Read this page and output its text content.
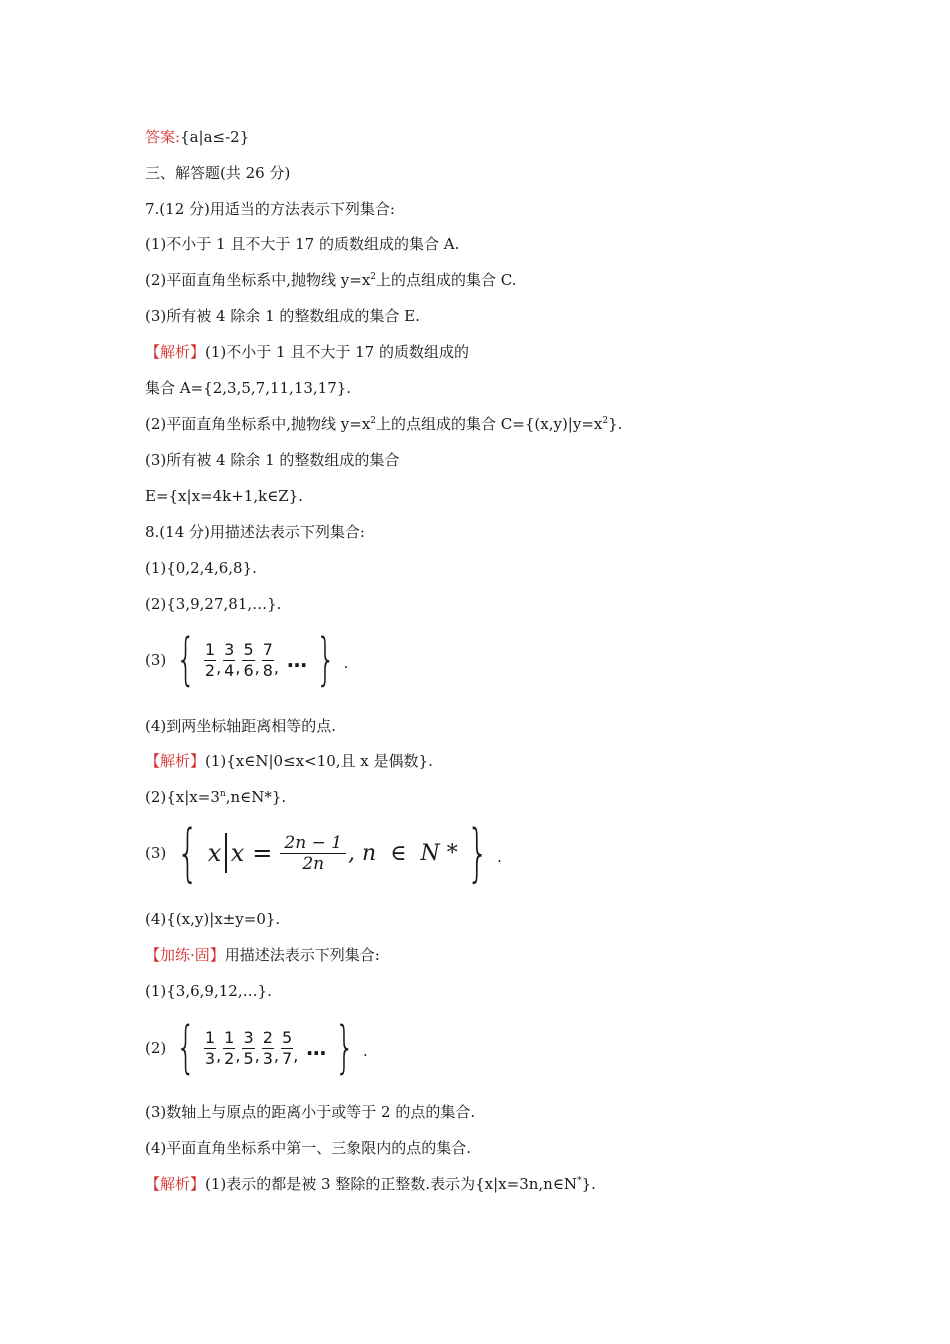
答案:{a|a≤-2}
三、解答题(共 26 分)
7.(12 分)用适当的方法表示下列集合:
(1)不小于 1 且不大于 17 的质数组成的集合 A.
(2)平面直角坐标系中,抛物线 $y=x^2$上的点组成的集合 C.
(3)所有被 4 除余 1 的整数组成的集合 E.
【解析】(1)不小于 1 且不大于 17 的质数组成的
集合 A={2,3,5,7,11,13,17}.
(2)平面直角坐标系中,抛物线 $y=x^2$上的点组成的集合 $C=\{(x,y)|y=x^2\}$.
(3)所有被 4 除余 1 的整数组成的集合
E={x|x=4k+1,k∈Z}.
8.(14 分)用描述法表示下列集合:
(1){0,2,4,6,8}.
(2){3,9,27,81,…}.
(3) { $\frac{1}{2}$ , $\frac{3}{4}$ , $\frac{5}{6}$ , $\frac{7}{8}$ , … } .
(4)到两坐标轴距离相等的点.
【解析】(1){x∈N|0≤x<10,且 x 是偶数}.
$(2)\{x|x=3^n,n\in N*\}$.
(3) { x $x = \frac{2n - 1}{2n}$ , n  ∈  N * } .
(4){(x,y)|x±y=0}.
【加练·固】用描述法表示下列集合:
(1){3,6,9,12,…}.
(2) { $\frac{1}{3}$ , $\frac{1}{2}$ , $\frac{3}{5}$ , $\frac{2}{3}$ , $\frac{5}{7}$ , … } .
(3)数轴上与原点的距离小于或等于 2 的点的集合.
(4)平面直角坐标系中第一、三象限内的点的集合.
【解析】(1)表示的都是被 3 整除的正整数.表示为{x|x=3n,n∈N*}.
